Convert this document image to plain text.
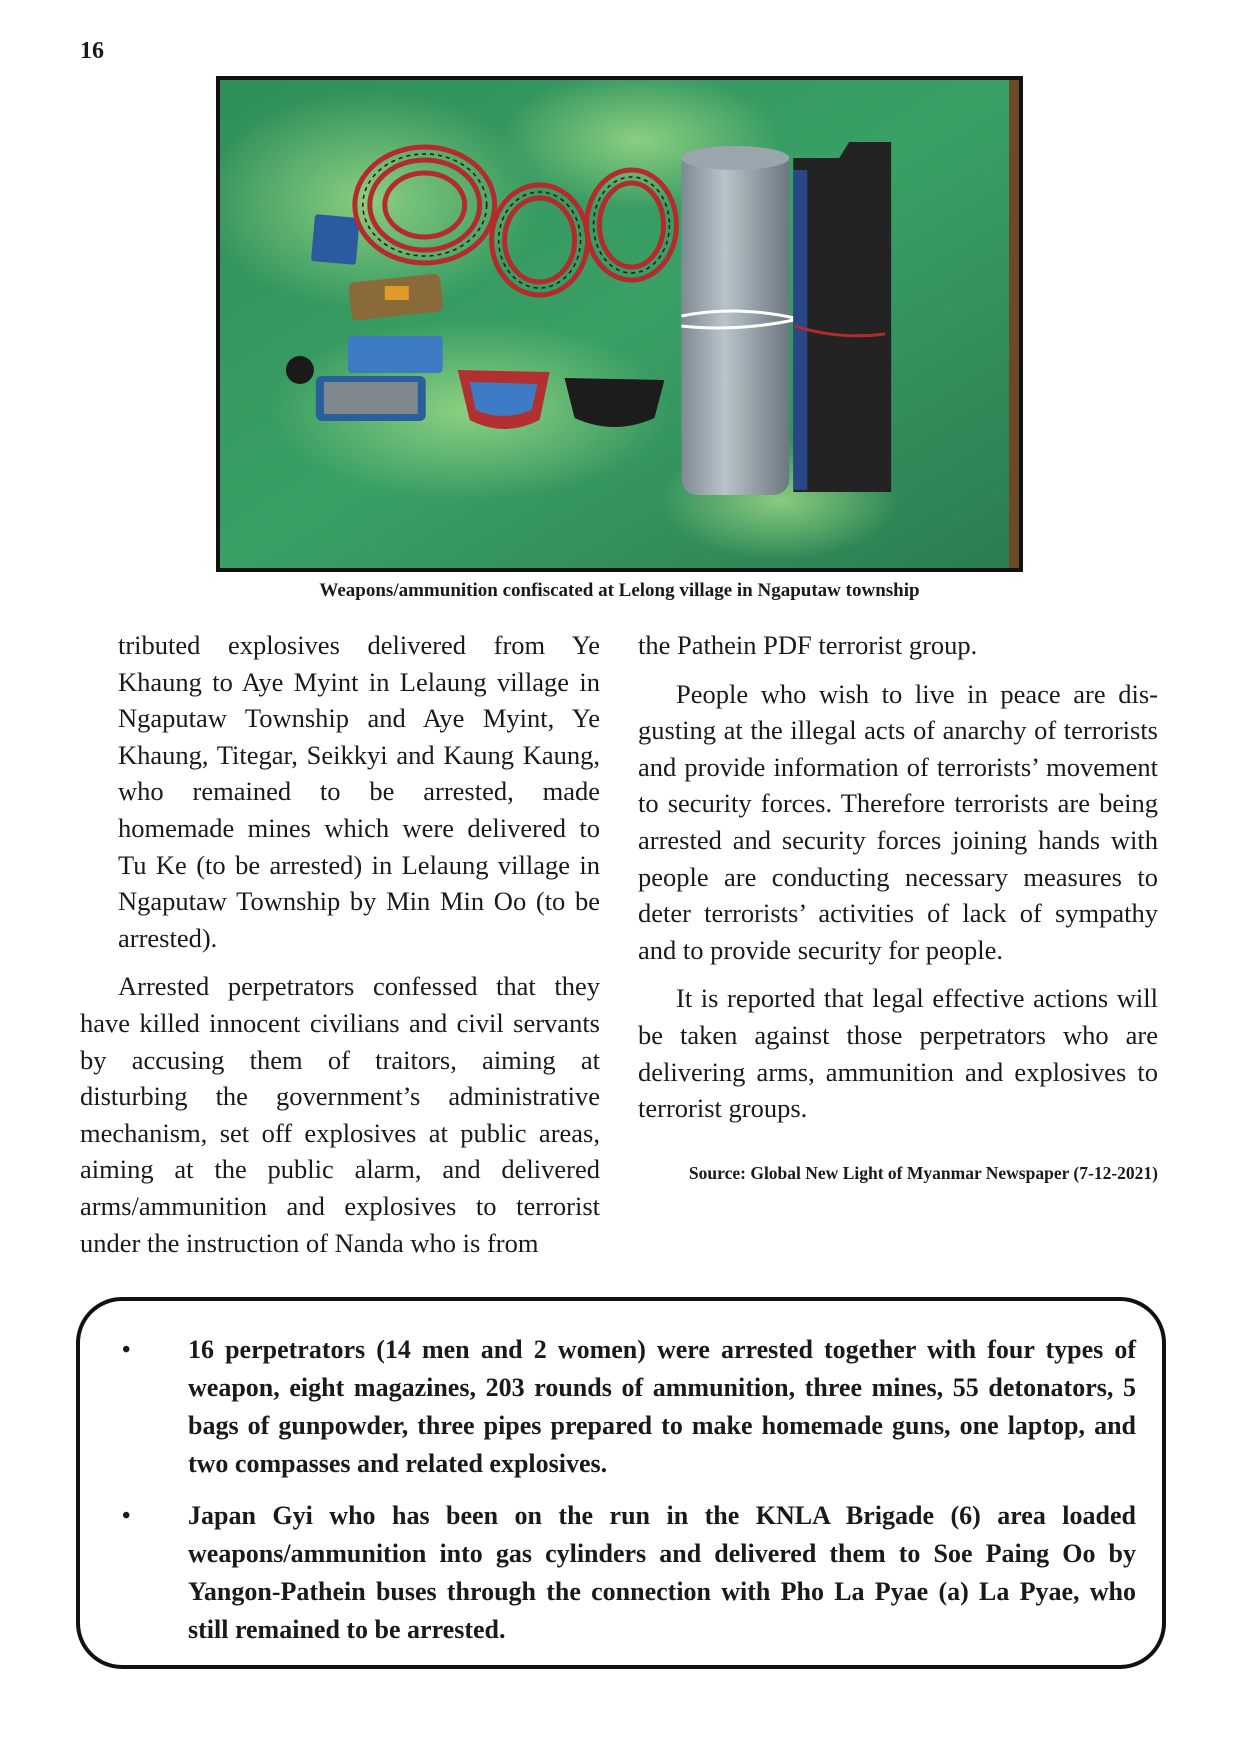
16
Weapons/ammunition confiscated at Lelong village in Ngaputaw township

tributed explosives delivered from Ye Khaung to Aye Myint in Lelaung village in Ngaputaw Township and Aye Myint, Ye Khaung, Titegar, Seikkyi and Kaung Kaung, who remained to be arrested, made homemade mines which were delivered to Tu Ke (to be arrested) in Lelaung village in Ngaputaw Township by Min Min Oo (to be arrested).

Arrested perpetrators confessed that they have killed innocent civilians and civil servants by accusing them of traitors, aiming at disturbing the government’s administrative mechanism, set off explosives at public areas, aiming at the public alarm, and delivered arms/ammunition and explosives to terrorist under the instruction of Nanda who is from

the Pathein PDF terrorist group.

People who wish to live in peace are disgusting at the illegal acts of anarchy of terrorists and provide information of terrorists’ movement to security forces. Therefore terrorists are being arrested and security forces joining hands with people are conducting necessary measures to deter terrorists’ activities of lack of sympathy and to provide security for people.

It is reported that legal effective actions will be taken against those perpetrators who are delivering arms, ammunition and explosives to terrorist groups.

Source: Global New Light of Myanmar Newspaper (7-12-2021)
• 16 perpetrators (14 men and 2 women) were arrested together with four types of weapon, eight magazines, 203 rounds of ammunition, three mines, 55 detonators, 5 bags of gunpowder, three pipes prepared to make homemade guns, one laptop, and two compasses and related explosives.
• Japan Gyi who has been on the run in the KNLA Brigade (6) area loaded weapons/ammunition into gas cylinders and delivered them to Soe Paing Oo by Yangon-Pathein buses through the connection with Pho La Pyae (a) La Pyae, who still remained to be arrested.
